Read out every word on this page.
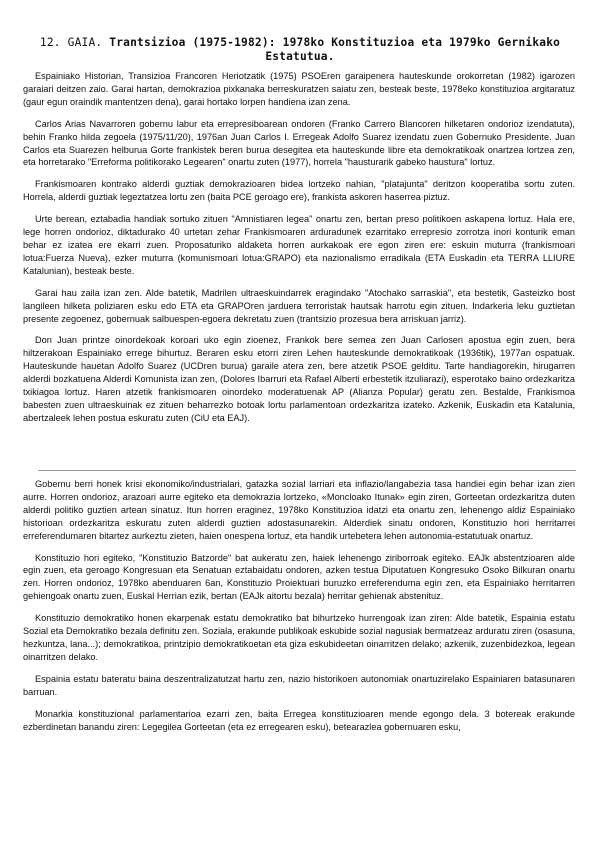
12. GAIA. Trantsizioa (1975-1982): 1978ko Konstituzioa eta 1979ko Gernikako Estatutua.

Espainiako Historian, Transizioa Francoren Heriotzatik (1975) PSOEren garaipenera hauteskunde orokorretan (1982) igarozen garaiari deitzen zaio. Garai hartan, demokrazioa pixkanaka berreskuratzen saiatu zen, besteak beste, 1978eko konstituzioa argitaratuz (gaur egun oraindik mantentzen dena), garai hortako lorpen handiena izan zena.

Carlos Arias Navarroren gobernu labur eta errepresiboarean ondoren (Franko Carrero Blancoren hilketaren ondorioz izendatuta), behin Franko hilda zegoela (1975/11/20), 1976an Juan Carlos I. Erregeak Adolfo Suarez izendatu zuen Gobernuko Presidente. Juan Carlos eta Suarezen helburua Gorte frankistek beren burua desegitea eta hauteskunde libre eta demokratikoak onartzea lortzea zen, eta horretarako "Erreforma politikorako Legearen" onartu zuten (1977), horrela "hausturarik gabeko haustura" lortuz.

Frankismoaren kontrako alderdi guztiak demokrazioaren bidea lortzeko nahian, "platajunta" deritzon kooperatiba sortu zuten. Horrela, alderdi guztiak legeztatzea lortu zen (baita PCE geroago ere), frankista askoren haserrea piztuz.

Urte berean, eztabadia handiak sortuko zituen "Amnistiaren legea" onartu zen, bertan preso politikoen askapena lortuz. Hala ere, lege horren ondorioz, diktadurako 40 urtetan zehar Frankismoaren arduradunek ezarritako errepresio zorrotza inori konturik eman behar ez izatea ere ekarri zuen. Proposaturiko aldaketa horren aurkakoak ere egon ziren ere: eskuin muturra (frankismoari lotua:Fuerza Nueva), ezker muturra (komunismoari lotua:GRAPO) eta nazionalismo erradikala (ETA Euskadin eta TERRA LLIURE Katalunian), besteak beste.

Garai hau zaila izan zen. Alde batetik, Madrilen ultraeskuindarrek eragindako "Atochako sarraskia", eta bestetik, Gasteizko bost langileen hilketa poliziaren esku edo ETA eta GRAPOren jarduera terroristak hautsak harrotu egin zituen. Indarkeria leku guztietan presente zegoenez, gobernuak salbuespen-egoera dekretatu zuen (trantsizio prozesua bera arriskuan jarriz).

Don Juan printze oinordekoak koroari uko egin zioenez, Frankok bere semea zen Juan Carlosen apostua egin zuen, bera hiltzerakoan Espainiako errege bihurtuz. Beraren esku etorri ziren Lehen hauteskunde demokratikoak (1936tik), 1977an ospatuak. Hauteskunde hauetan Adolfo Suarez (UCDren burua) garaile atera zen, bere atzetik PSOE gelditu. Tarte handiagorekin, hirugarren alderdi bozkatuena Alderdi Komunista izan zen, (Dolores Ibarruri eta Rafael Alberti erbestetik itzuliarazi), esperotako baino ordezkaritza txikiagoa lortuz. Haren atzetik frankismoaren oinordeko moderatuenak AP (Alianza Popular) geratu zen. Bestalde, Frankismoa babesten zuen ultraeskuinak ez zituen beharrezko botoak lortu parlamentoan ordezkaritza izateko. Azkenik, Euskadin eta Katalunia, abertzaleek lehen postua eskuratu zuten (CiU eta EAJ).

Gobernu berri honek krisi ekonomiko/industrialari, gatazka sozial larriari eta inflazio/langabezia tasa handiei egin behar izan zien aurre. Horren ondorioz, arazoari aurre egiteko eta demokrazia lortzeko, «Moncloako Itunak» egin ziren, Gorteetan ordezkaritza duten alderdi politiko guztien artean sinatuz. Itun horren eraginez, 1978ko Konstituzioa idatzi eta onartu zen, lehenengo aldiz Espainiako historioan ordezkaritza eskuratu zuten alderdi guztien adostasunarekin. Alderdiek sinatu ondoren, Konstituzio hori herritarrei erreferendumaren bitartez aurkeztu zieten, haien onespena lortuz, eta handik urtebetera lehen autonomia-estatutuak onartuz.

Konstituzio hori egiteko, "Konstituzio Batzorde" bat aukeratu zen, haiek lehenengo ziriborroak egiteko. EAJk abstentzioaren alde egin zuen, eta geroago Kongresuan eta Senatuan eztabaidatu ondoren, azken testua Diputatuen Kongresuko Osoko Bilkuran onartu zen. Horren ondorioz, 1978ko abenduaren 6an, Konstituzio Proiektuari buruzko erreferenduma egin zen, eta Espainiako herritarren gehiengoak onartu zuen, Euskal Herrian ezik, bertan (EAJk aitortu bezala) herritar gehienak abstenituz.

Konstituzio demokratiko honen ekarpenak estatu demokratiko bat bihurtzeko hurrengoak izan ziren: Alde batetik, Espainia estatu Sozial eta Demokratiko bezala definitu zen. Soziala, erakunde publikoak eskubide sozial nagusiak bermatzeaz arduratu ziren (osasuna, hezkuntza, lana...); demokratikoa, printzipio demokratikoetan eta giza eskubideetan oinarritzen delako; azkenik, zuzenbidezkoa, legean oinarritzen delako.

Espainia estatu bateratu baina deszentralizatutzat hartu zen, nazio historikoen autonomiak onartuzirelako Espainiaren batasunaren barruan.

Monarkia konstituzional parlamentarioa ezarri zen, baita Erregea konstituzioaren mende egongo dela. 3 botereak erakunde ezberdinetan banandu ziren: Legegilea Gorteetan (eta ez erregearen esku), betearazlea gobernuaren esku,
